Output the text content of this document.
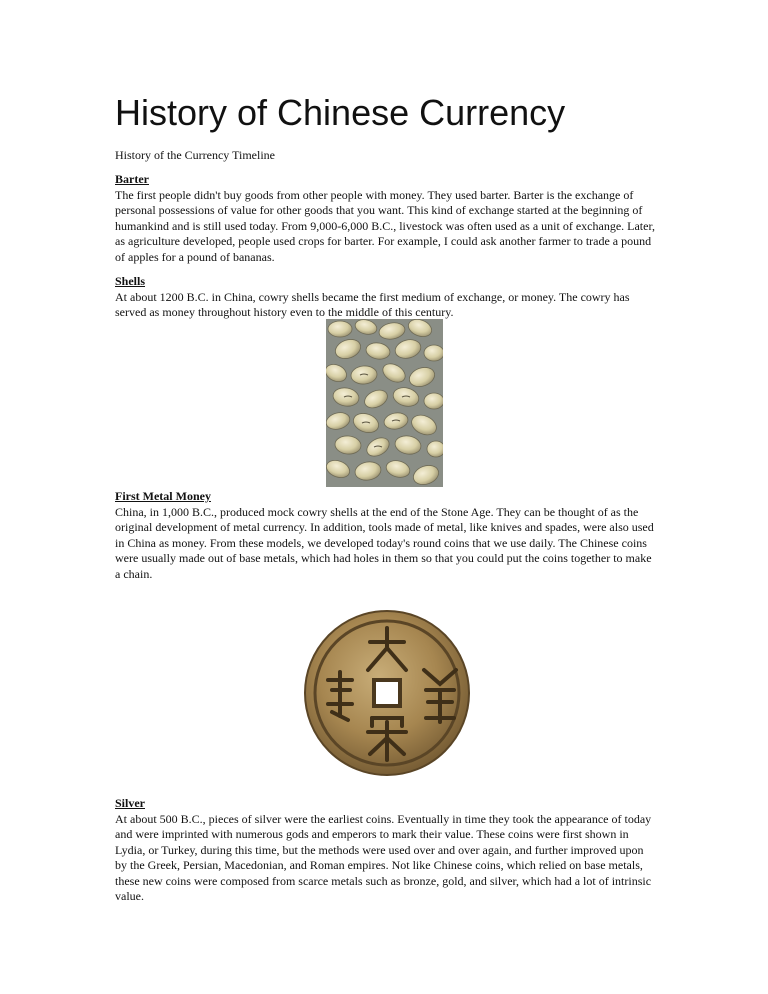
History of Chinese Currency
History of the Currency Timeline
Barter

The first people didn't buy goods from other people with money. They used barter. Barter is the exchange of personal possessions of value for other goods that you want. This kind of exchange started at the beginning of humankind and is still used today. From 9,000-6,000 B.C., livestock was often used as a unit of exchange. Later, as agriculture developed, people used crops for barter. For example, I could ask another farmer to trade a pound of apples for a pound of bananas.

Shells

At about 1200 B.C. in China, cowry shells became the first medium of exchange, or money. The cowry has served as money throughout history even to the middle of this century.

First Metal Money

China, in 1,000 B.C., produced mock cowry shells at the end of the Stone Age. They can be thought of as the original development of metal currency. In addition, tools made of metal, like knives and spades, were also used in China as money. From these models, we developed today's round coins that we use daily. The Chinese coins were usually made out of base metals, which had holes in them so that you could put the coins together to make a chain.

Silver

At about 500 B.C., pieces of silver were the earliest coins. Eventually in time they took the appearance of today and were imprinted with numerous gods and emperors to mark their value. These coins were first shown in Lydia, or Turkey, during this time, but the methods were used over and over again, and further improved upon by the Greek, Persian, Macedonian, and Roman empires. Not like Chinese coins, which relied on base metals, these new coins were composed from scarce metals such as bronze, gold, and silver, which had a lot of intrinsic value.
